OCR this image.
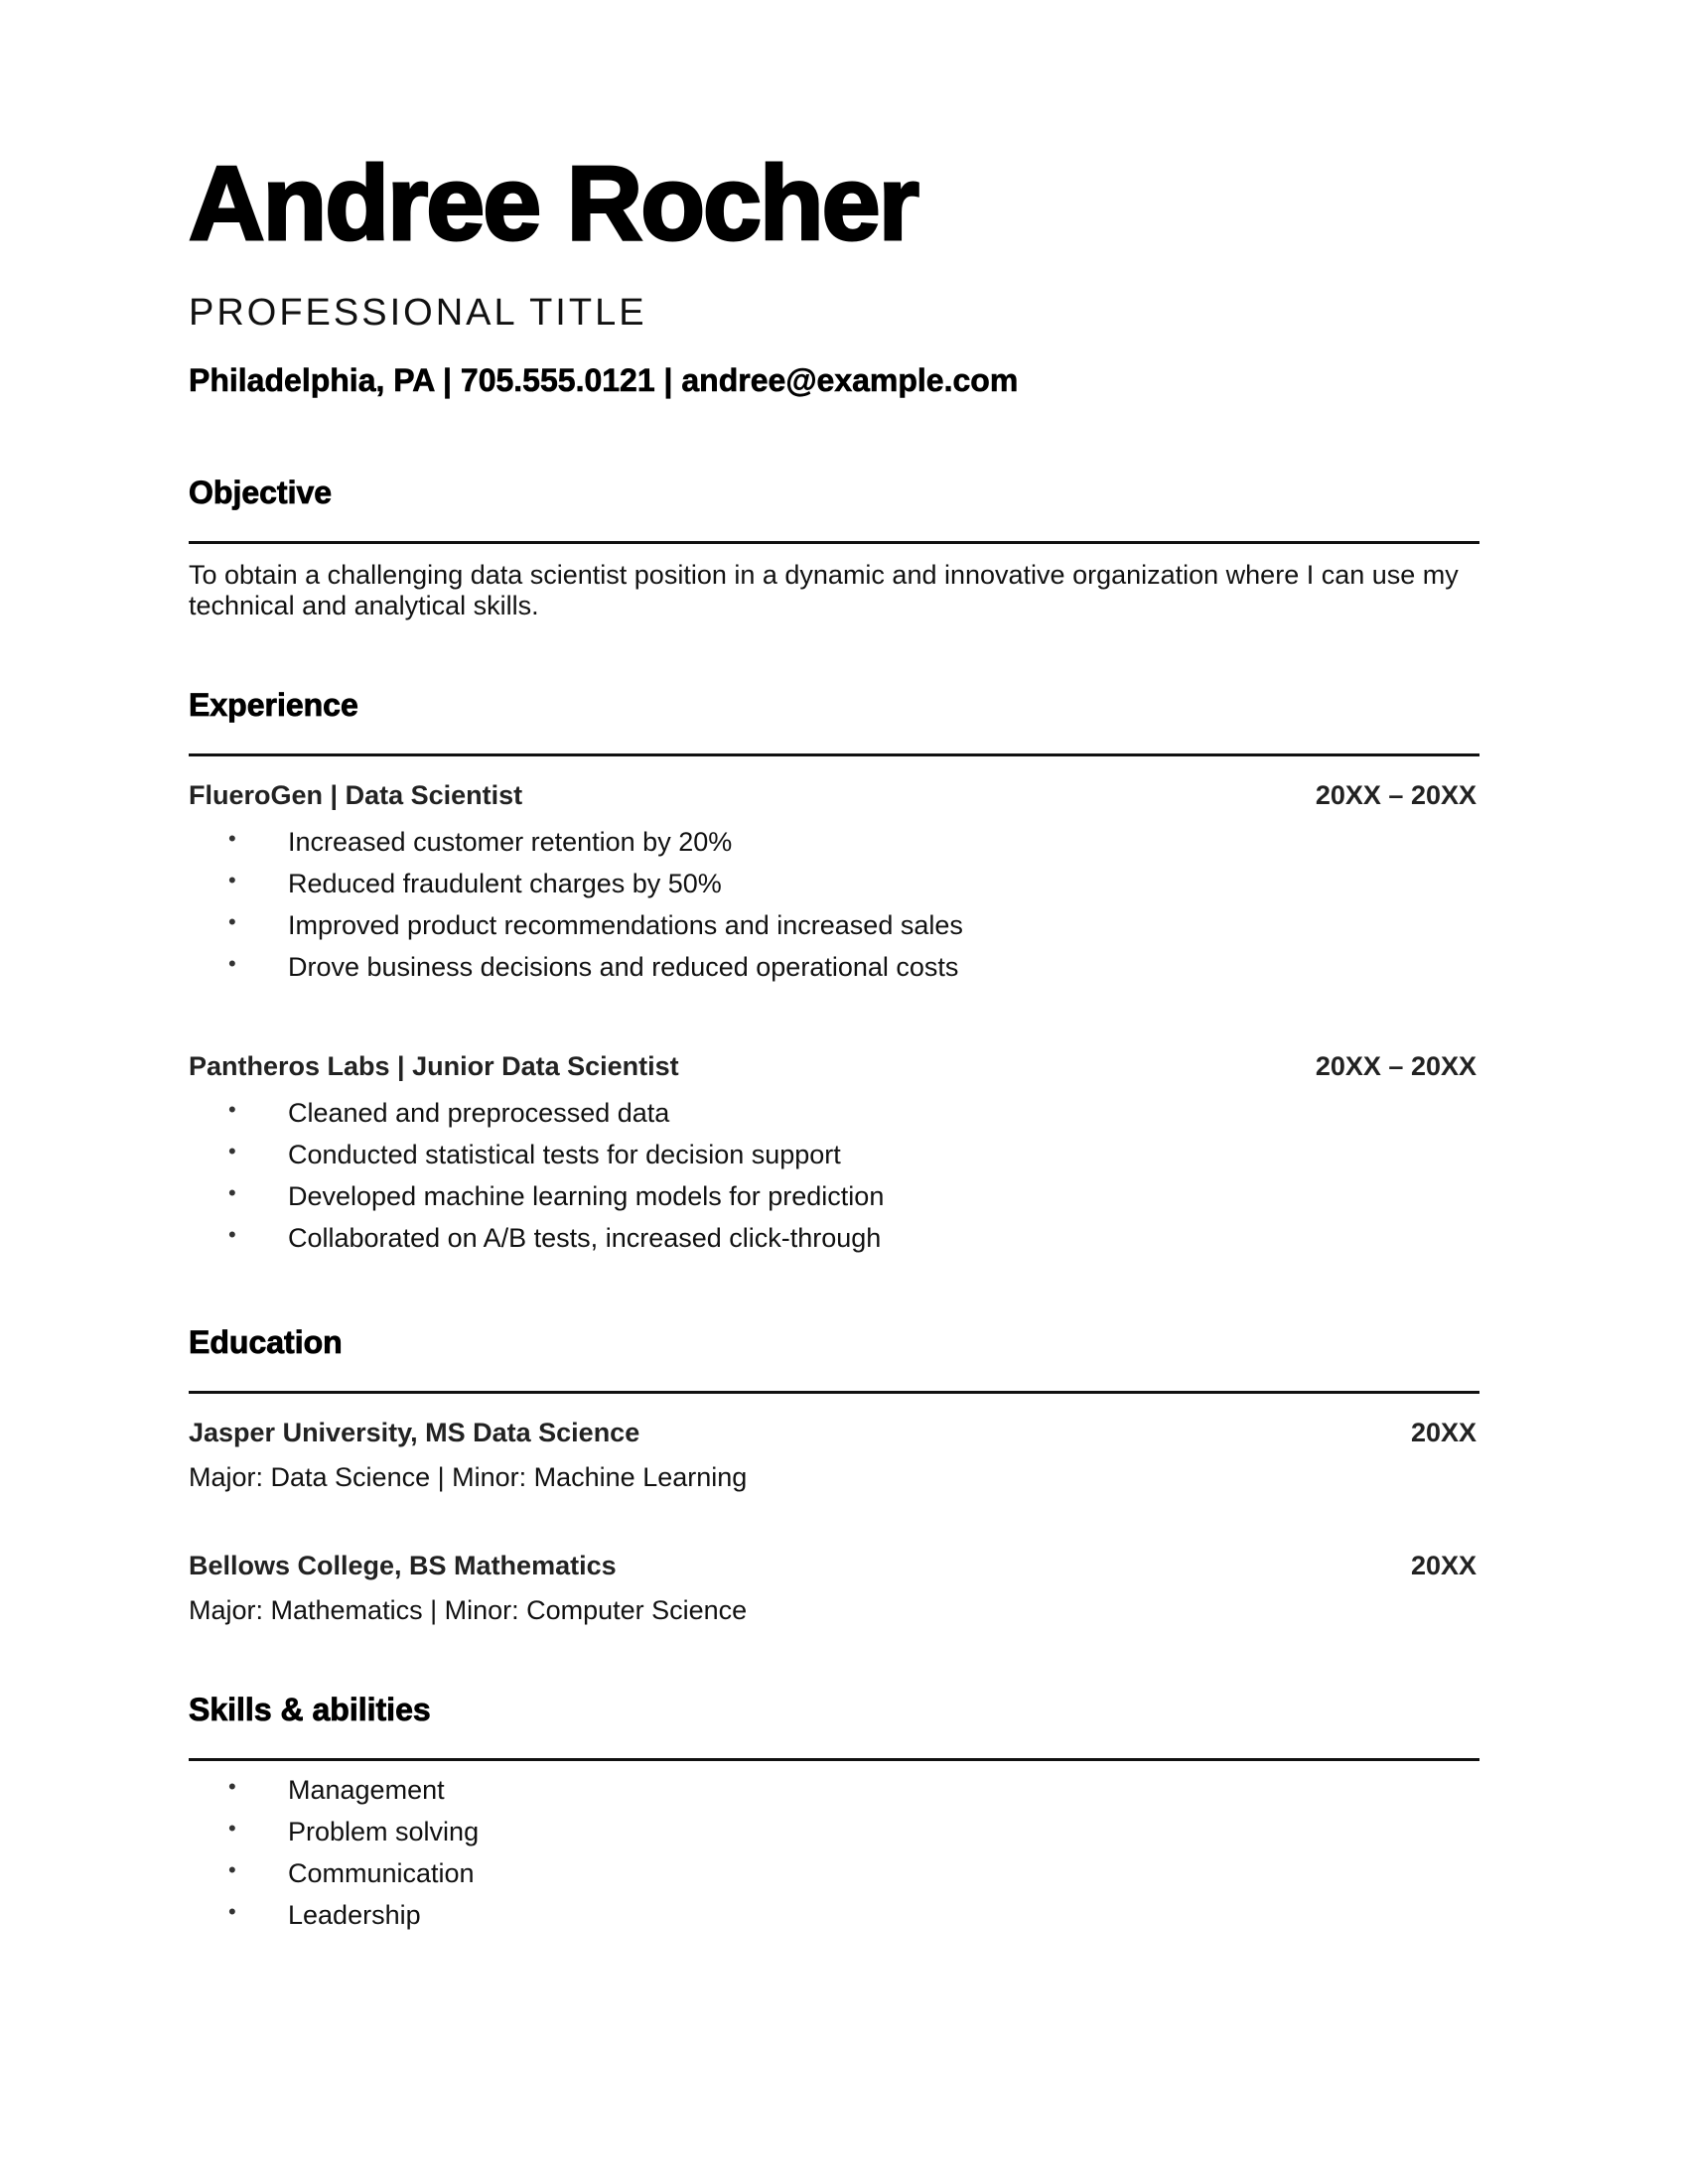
Andree Rocher
PROFESSIONAL TITLE
Philadelphia, PA | 705.555.0121 | andree@example.com
Objective
To obtain a challenging data scientist position in a dynamic and innovative organization where I can use my technical and analytical skills.
Experience
FlueroGen | Data Scientist	20XX – 20XX
• Increased customer retention by 20%
• Reduced fraudulent charges by 50%
• Improved product recommendations and increased sales
• Drove business decisions and reduced operational costs
Pantheros Labs | Junior Data Scientist	20XX – 20XX
• Cleaned and preprocessed data
• Conducted statistical tests for decision support
• Developed machine learning models for prediction
• Collaborated on A/B tests, increased click-through
Education
Jasper University, MS Data Science	20XX
Major: Data Science | Minor: Machine Learning
Bellows College, BS Mathematics	20XX
Major: Mathematics | Minor: Computer Science
Skills & abilities
• Management
• Problem solving
• Communication
• Leadership
